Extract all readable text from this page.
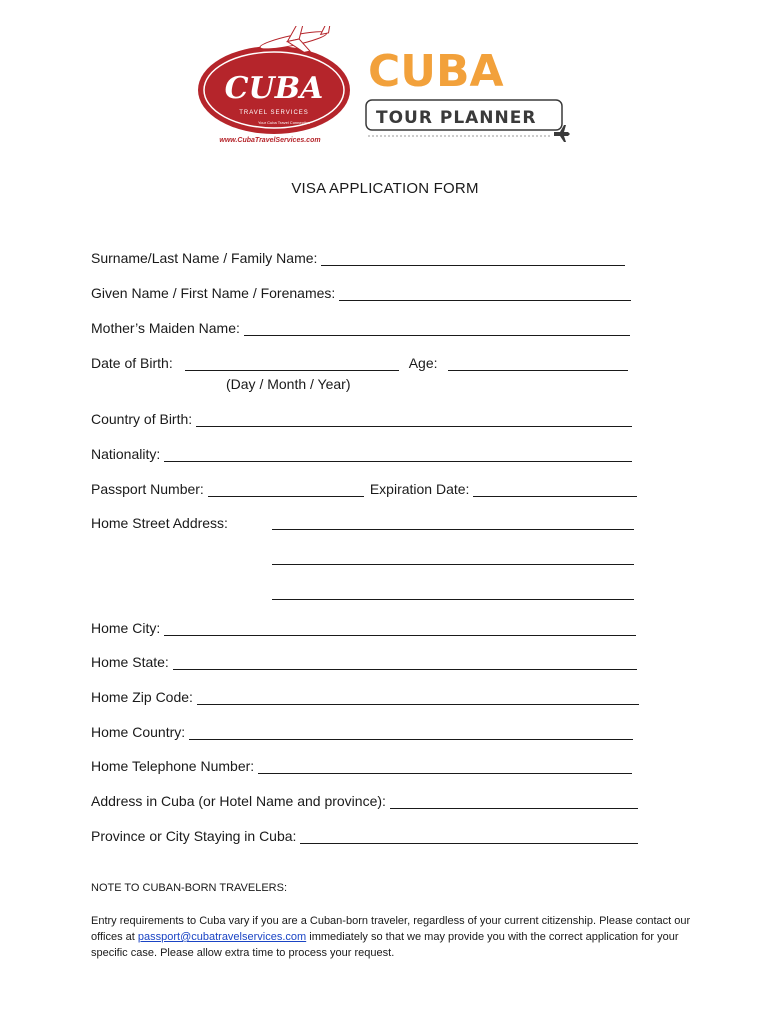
CUBA
TRAVEL SERVICES
Your Cuba Travel Connection
www.CubaTravelServices.com
CUBA
TOUR PLANNER
VISA APPLICATION FORM
Surname/Last Name / Family Name:
Given Name / First Name / Forenames:
Mother’s Maiden Name:
Date of Birth:	Age:
(Day / Month / Year)
Country of Birth:
Nationality:
Passport Number:	Expiration Date:
Home Street Address:
Home City:
Home State:
Home Zip Code:
Home Country:
Home Telephone Number:
Address in Cuba (or Hotel Name and province):
Province or City Staying in Cuba:
NOTE TO CUBAN-BORN TRAVELERS:
Entry requirements to Cuba vary if you are a Cuban-born traveler, regardless of your current citizenship. Please contact our offices at passport@cubatravelservices.com immediately so that we may provide you with the correct application for your specific case. Please allow extra time to process your request.
